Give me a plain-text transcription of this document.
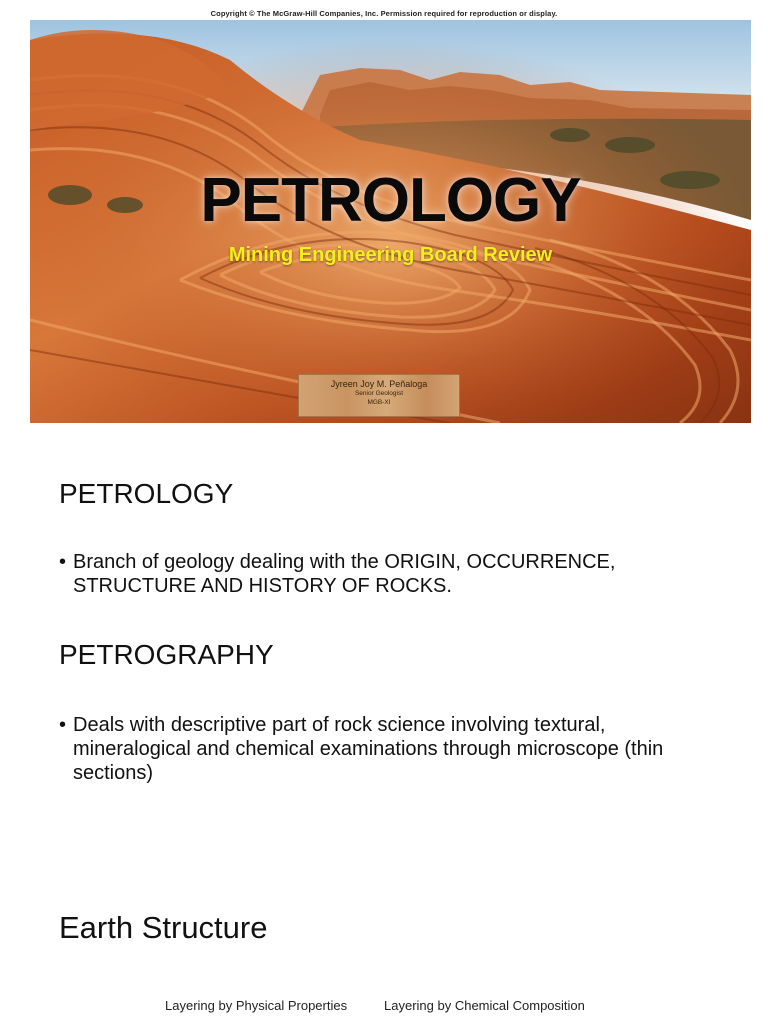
Copyright © The McGraw-Hill Companies, Inc. Permission required for reproduction or display.
PETROLOGY
Mining Engineering Board Review
Jyreen Joy M. Peñaloga
Senior Geologist
MGB-XI
PETROLOGY
• Branch of geology dealing with the ORIGIN, OCCURRENCE, STRUCTURE AND HISTORY OF ROCKS.
PETROGRAPHY
• Deals with descriptive part of rock science involving textural, mineralogical and chemical examinations through microscope (thin sections)
Earth Structure
Layering by Physical Properties	Layering by Chemical Composition
